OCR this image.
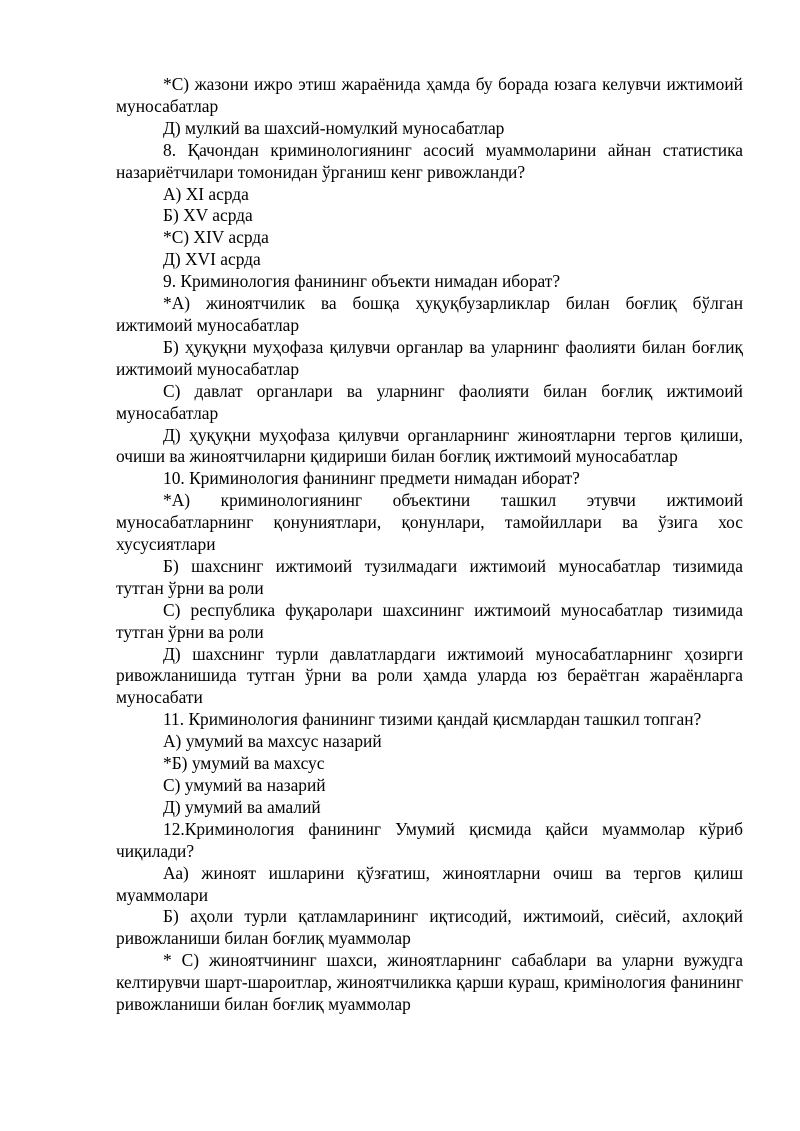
*С) жазони ижро этиш жараёнида ҳамда бу борада юзага келувчи ижтимоий муносабатлар

Д) мулкий ва шахсий-номулкий муносабатлар

8. Қачондан криминологиянинг асосий муаммоларини айнан статистика назариётчилари томонидан ўрганиш кенг ривожланди?

А) XI асрда

Б) XV асрда

*С) XIV асрда

Д) XVI асрда

9. Криминология фанининг объекти нимадан иборат?

*А) жиноятчилик ва бошқа ҳуқуқбузарликлар билан боғлиқ бўлган ижтимоий муносабатлар

Б) ҳуқуқни муҳофаза қилувчи органлар ва уларнинг фаолияти билан боғлиқ ижтимоий муносабатлар

С) давлат органлари ва уларнинг фаолияти билан боғлиқ ижтимоий муносабатлар

Д) ҳуқуқни муҳофаза қилувчи органларнинг жиноятларни тергов қилиши, очиши ва жиноятчиларни қидириши билан боғлиқ ижтимоий муносабатлар

10. Криминология фанининг предмети нимадан иборат?

*А) криминологиянинг объектини ташкил этувчи ижтимоий муносабатларнинг қонуниятлари, қонунлари, тамойиллари ва ўзига хос хусусиятлари

Б) шахснинг ижтимоий тузилмадаги ижтимоий муносабатлар тизимида тутган ўрни ва роли

С) республика фуқаролари шахсининг ижтимоий муносабатлар тизимида тутган ўрни ва роли

Д) шахснинг турли давлатлардаги ижтимоий муносабатларнинг ҳозирги ривожланишида тутган ўрни ва роли ҳамда уларда юз бераётган жараёнларга муносабати

11. Криминология фанининг тизими қандай қисмлардан ташкил топган?

А) умумий ва махсус назарий

*Б) умумий ва махсус

С) умумий ва назарий

Д) умумий ва амалий

12.Криминология фанининг Умумий қисмида қайси муаммолар кўриб чиқилади?

Аа) жиноят ишларини қўзғатиш, жиноятларни очиш ва тергов қилиш муаммолари

Б) аҳоли турли қатламларининг иқтисодий, ижтимоий, сиёсий, ахлоқий ривожланиши билан боғлиқ муаммолар

* С) жиноятчининг шахси, жиноятларнинг сабаблари ва уларни вужудга келтирувчи шарт-шароитлар, жиноятчиликка қарши кураш, кримінология фанининг ривожланиши билан боғлиқ муаммолар
